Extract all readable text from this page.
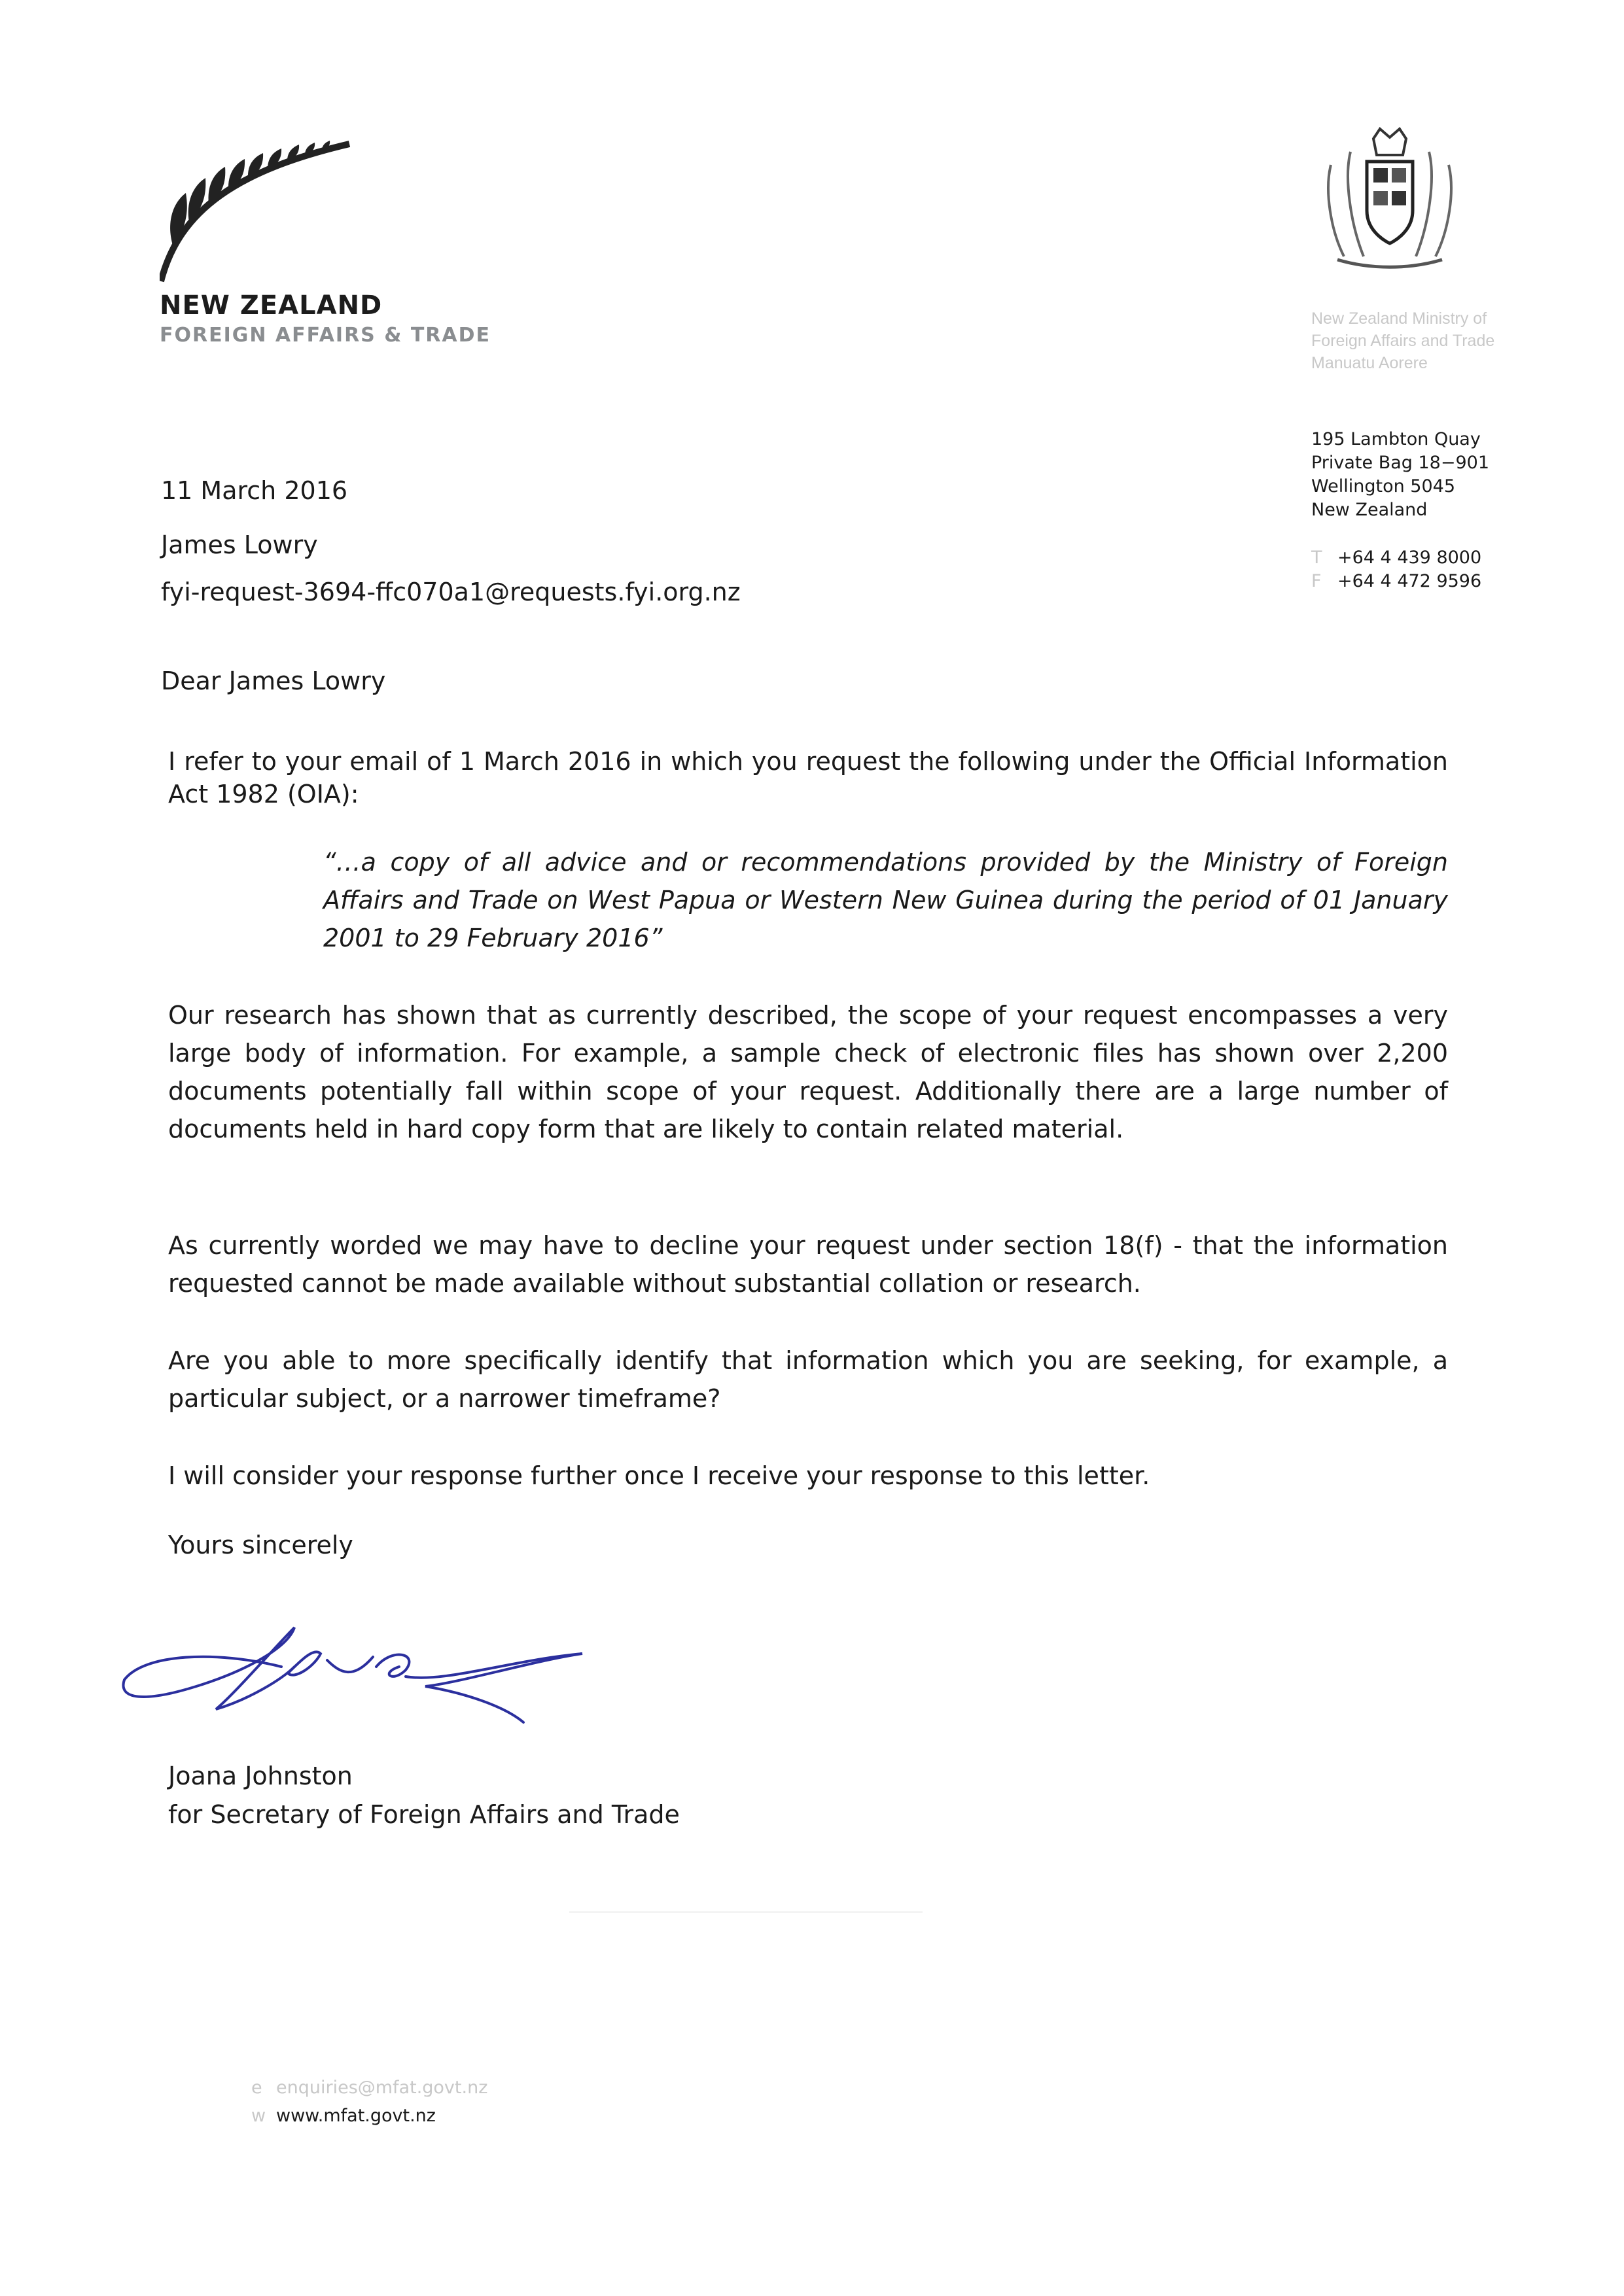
NEW ZEALAND
FOREIGN AFFAIRS & TRADE
New Zealand Ministry of
Foreign Affairs and Trade
Manuatu Aorere
195 Lambton Quay
Private Bag 18−901
Wellington 5045
New Zealand
T +64 4 439 8000
F +64 4 472 9596
11 March 2016
James Lowry
fyi-request-3694-ffc070a1@requests.fyi.org.nz
Dear James Lowry
I refer to your email of 1 March 2016 in which you request the following under the Official Information Act 1982 (OIA):
“…a copy of all advice and or recommendations provided by the Ministry of Foreign Affairs and Trade on West Papua or Western New Guinea during the period of 01 January 2001 to 29 February 2016”
Our research has shown that as currently described, the scope of your request encompasses a very large body of information. For example, a sample check of electronic files has shown over 2,200 documents potentially fall within scope of your request. Additionally there are a large number of documents held in hard copy form that are likely to contain related material.
As currently worded we may have to decline your request under section 18(f) - that the information requested cannot be made available without substantial collation or research.
Are you able to more specifically identify that information which you are seeking, for example, a particular subject, or a narrower timeframe?
I will consider your response further once I receive your response to this letter.
Yours sincerely
Joana Johnston
for Secretary of Foreign Affairs and Trade
e enquiries@mfat.govt.nz
w www.mfat.govt.nz
